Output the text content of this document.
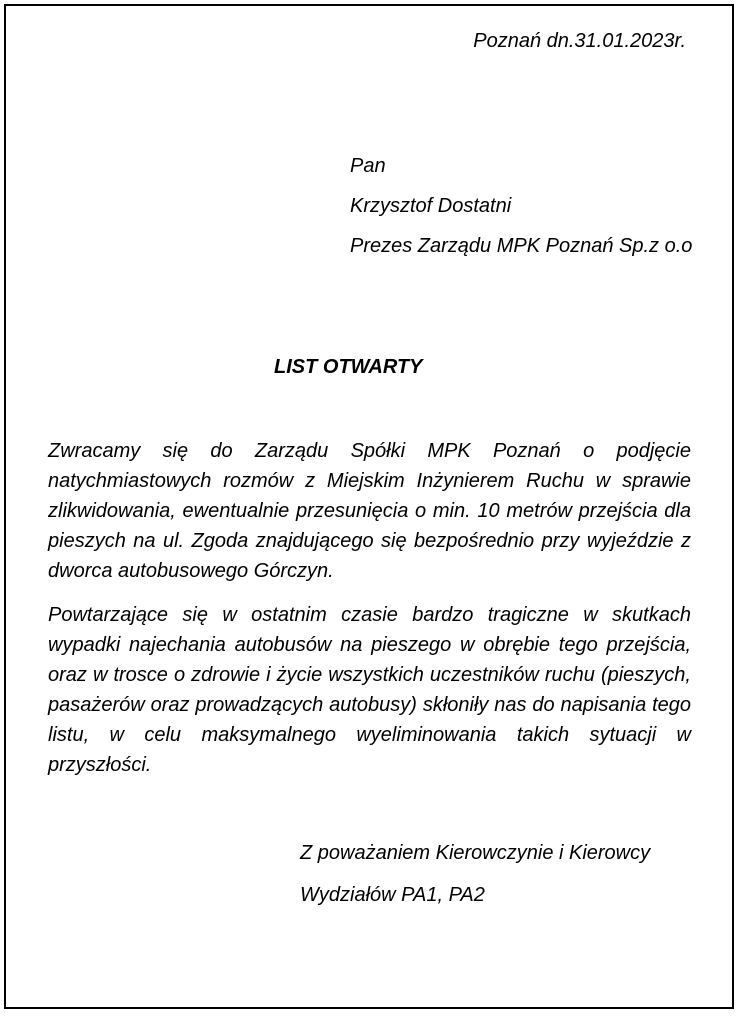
Poznań dn.31.01.2023r.
Pan
Krzysztof Dostatni
Prezes Zarządu MPK Poznań Sp.z o.o
LIST OTWARTY
Zwracamy się do Zarządu Spółki MPK Poznań o podjęcie natychmiastowych rozmów z Miejskim Inżynierem Ruchu w sprawie zlikwidowania, ewentualnie przesunięcia o min. 10 metrów przejścia dla pieszych na ul. Zgoda znajdującego się bezpośrednio przy wyjeździe z dworca autobusowego Górczyn.
Powtarzające się w ostatnim czasie bardzo tragiczne w skutkach wypadki najechania autobusów na pieszego w obrębie tego przejścia, oraz w trosce o zdrowie i życie wszystkich uczestników ruchu (pieszych, pasażerów oraz prowadzących autobusy) skłoniły nas do napisania tego listu, w celu maksymalnego wyeliminowania takich sytuacji w przyszłości.
Z poważaniem Kierowczynie i Kierowcy
Wydziałów PA1, PA2
